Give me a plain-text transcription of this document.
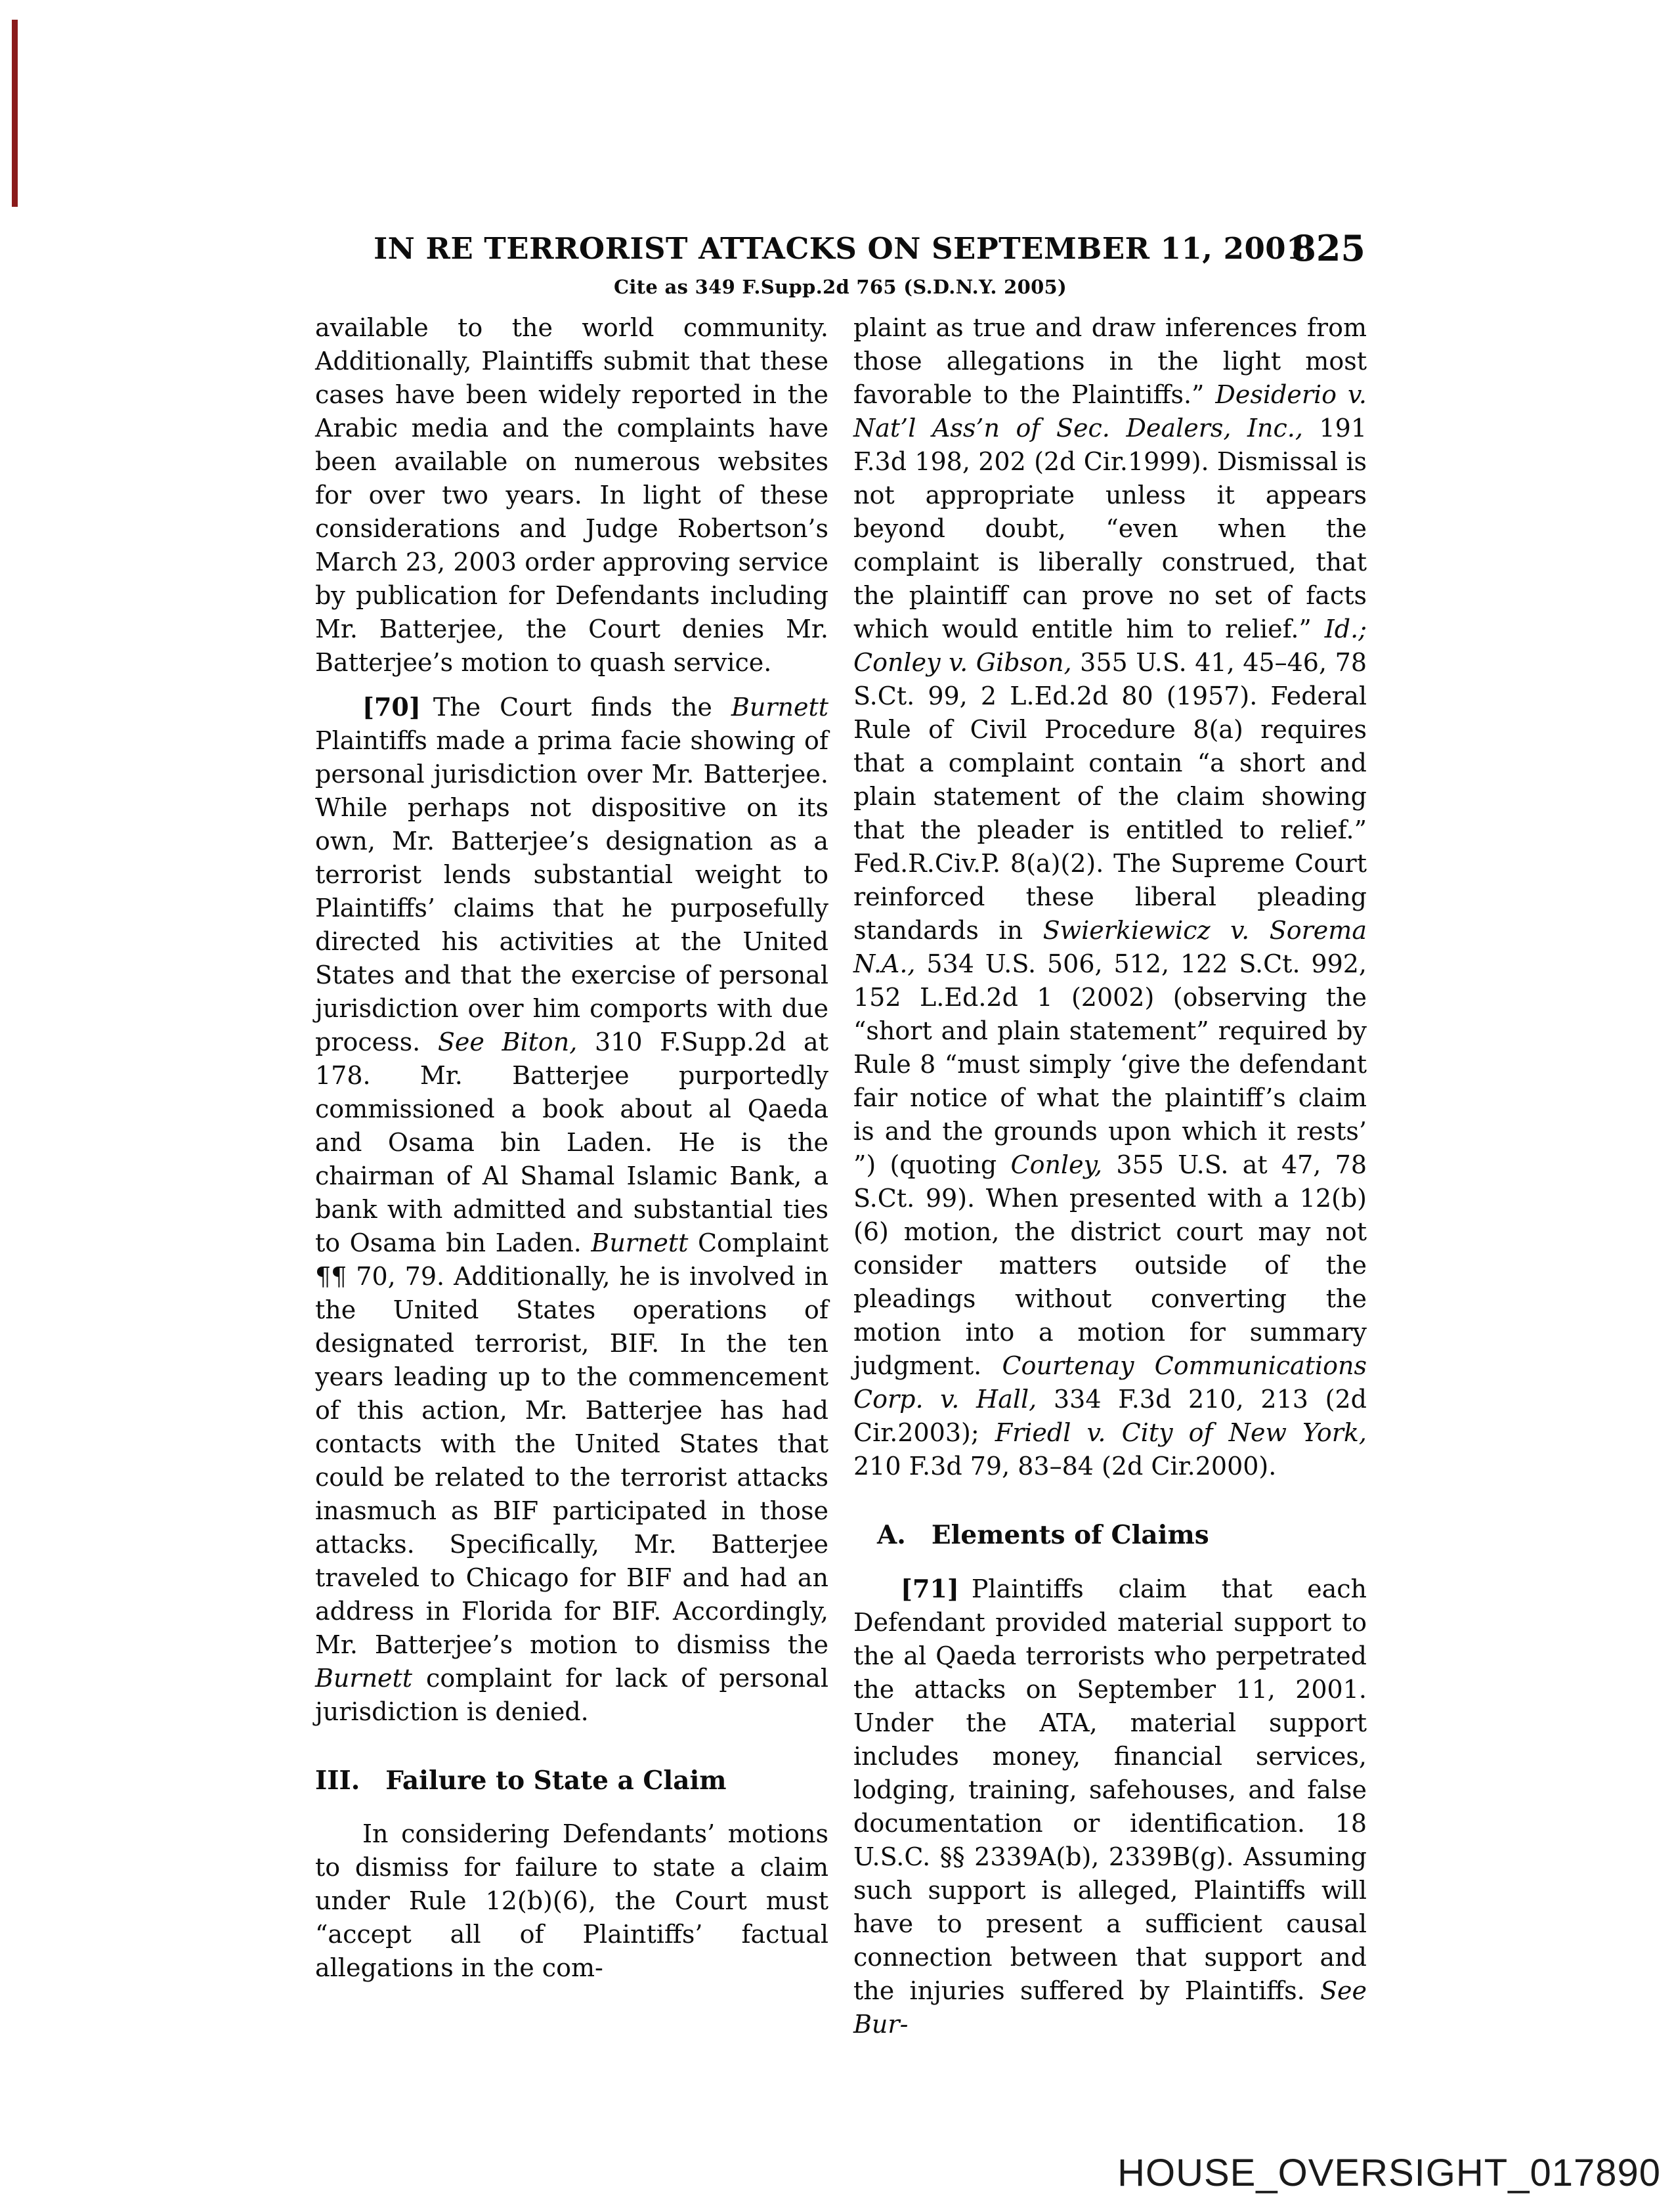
IN RE TERRORIST ATTACKS ON SEPTEMBER 11, 2001
825
Cite as 349 F.Supp.2d 765 (S.D.N.Y. 2005)

available to the world community. Additionally, Plaintiffs submit that these cases have been widely reported in the Arabic media and the complaints have been available on numerous websites for over two years. In light of these considerations and Judge Robertson’s March 23, 2003 order approving service by publication for Defendants including Mr. Batterjee, the Court denies Mr. Batterjee’s motion to quash service.

[70] The Court finds the Burnett Plaintiffs made a prima facie showing of personal jurisdiction over Mr. Batterjee. While perhaps not dispositive on its own, Mr. Batterjee’s designation as a terrorist lends substantial weight to Plaintiffs’ claims that he purposefully directed his activities at the United States and that the exercise of personal jurisdiction over him comports with due process. See Biton, 310 F.Supp.2d at 178. Mr. Batterjee purportedly commissioned a book about al Qaeda and Osama bin Laden. He is the chairman of Al Shamal Islamic Bank, a bank with admitted and substantial ties to Osama bin Laden. Burnett Complaint ¶¶ 70, 79. Additionally, he is involved in the United States operations of designated terrorist, BIF. In the ten years leading up to the commencement of this action, Mr. Batterjee has had contacts with the United States that could be related to the terrorist attacks inasmuch as BIF participated in those attacks. Specifically, Mr. Batterjee traveled to Chicago for BIF and had an address in Florida for BIF. Accordingly, Mr. Batterjee’s motion to dismiss the Burnett complaint for lack of personal jurisdiction is denied.

III. Failure to State a Claim

In considering Defendants’ motions to dismiss for failure to state a claim under Rule 12(b)(6), the Court must “accept all of Plaintiffs’ factual allegations in the com-

plaint as true and draw inferences from those allegations in the light most favorable to the Plaintiffs.” Desiderio v. Nat’l Ass’n of Sec. Dealers, Inc., 191 F.3d 198, 202 (2d Cir.1999). Dismissal is not appropriate unless it appears beyond doubt, “even when the complaint is liberally construed, that the plaintiff can prove no set of facts which would entitle him to relief.” Id.; Conley v. Gibson, 355 U.S. 41, 45–46, 78 S.Ct. 99, 2 L.Ed.2d 80 (1957). Federal Rule of Civil Procedure 8(a) requires that a complaint contain “a short and plain statement of the claim showing that the pleader is entitled to relief.” Fed.R.Civ.P. 8(a)(2). The Supreme Court reinforced these liberal pleading standards in Swierkiewicz v. Sorema N.A., 534 U.S. 506, 512, 122 S.Ct. 992, 152 L.Ed.2d 1 (2002) (observing the “short and plain statement” required by Rule 8 “must simply ‘give the defendant fair notice of what the plaintiff’s claim is and the grounds upon which it rests’ ”) (quoting Conley, 355 U.S. at 47, 78 S.Ct. 99). When presented with a 12(b)(6) motion, the district court may not consider matters outside of the pleadings without converting the motion into a motion for summary judgment. Courtenay Communications Corp. v. Hall, 334 F.3d 210, 213 (2d Cir.2003); Friedl v. City of New York, 210 F.3d 79, 83–84 (2d Cir.2000).

A. Elements of Claims

[71] Plaintiffs claim that each Defendant provided material support to the al Qaeda terrorists who perpetrated the attacks on September 11, 2001. Under the ATA, material support includes money, financial services, lodging, training, safehouses, and false documentation or identification. 18 U.S.C. §§ 2339A(b), 2339B(g). Assuming such support is alleged, Plaintiffs will have to present a sufficient causal connection between that support and the injuries suffered by Plaintiffs. See Bur-

HOUSE_OVERSIGHT_017890
